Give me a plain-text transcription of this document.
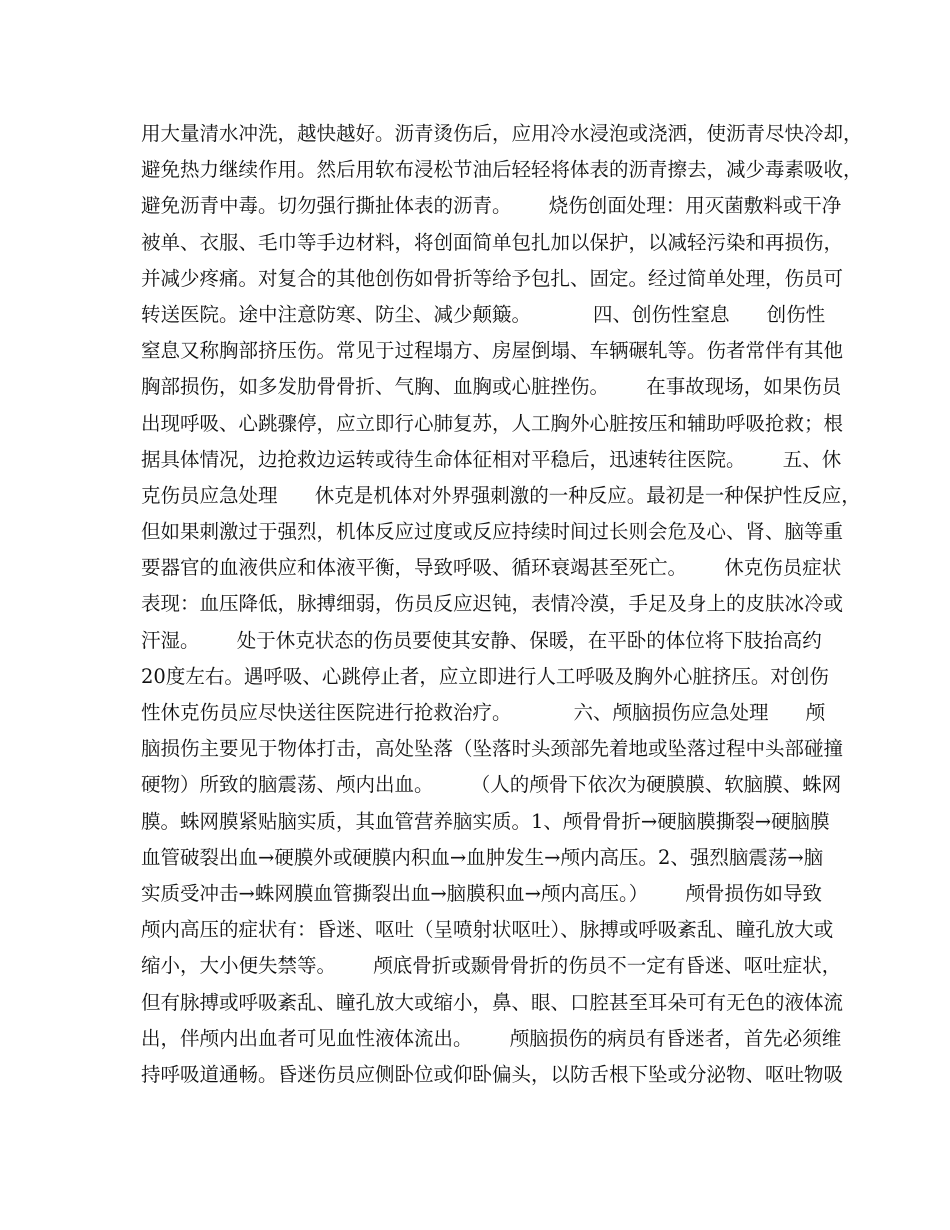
用大量清水冲洗，越快越好。沥青烫伤后，应用冷水浸泡或浇洒，使沥青尽快冷却，
避免热力继续作用。然后用软布浸松节油后轻轻将体表的沥青擦去，减少毒素吸收，
避免沥青中毒。切勿强行撕扯体表的沥青。      烧伤创面处理：用灭菌敷料或干净
被单、衣服、毛巾等手边材料，将创面简单包扎加以保护，以减轻污染和再损伤，
并减少疼痛。对复合的其他创伤如骨折等给予包扎、固定。经过简单处理，伤员可
转送医院。途中注意防寒、防尘、减少颠簸。          四、创伤性窒息      创伤性
窒息又称胸部挤压伤。常见于过程塌方、房屋倒塌、车辆碾轧等。伤者常伴有其他
胸部损伤，如多发肋骨骨折、气胸、血胸或心脏挫伤。      在事故现场，如果伤员
出现呼吸、心跳骤停，应立即行心肺复苏，人工胸外心脏按压和辅助呼吸抢救；根
据具体情况，边抢救边运转或待生命体征相对平稳后，迅速转往医院。      五、休
克伤员应急处理      休克是机体对外界强刺激的一种反应。最初是一种保护性反应，
但如果刺激过于强烈，机体反应过度或反应持续时间过长则会危及心、肾、脑等重
要器官的血液供应和体液平衡，导致呼吸、循环衰竭甚至死亡。      休克伤员症状
表现：血压降低，脉搏细弱，伤员反应迟钝，表情冷漠，手足及身上的皮肤冰冷或
汗湿。      处于休克状态的伤员要使其安静、保暖，在平卧的体位将下肢抬高约
20度左右。遇呼吸、心跳停止者，应立即进行人工呼吸及胸外心脏挤压。对创伤
性休克伤员应尽快送往医院进行抢救治疗。          六、颅脑损伤应急处理      颅
脑损伤主要见于物体打击，高处坠落（坠落时头颈部先着地或坠落过程中头部碰撞
硬物）所致的脑震荡、颅内出血。      （人的颅骨下依次为硬膜膜、软脑膜、蛛网
膜。蛛网膜紧贴脑实质，其血管营养脑实质。1、颅骨骨折→硬脑膜撕裂→硬脑膜
血管破裂出血→硬膜外或硬膜内积血→血肿发生→颅内高压。2、强烈脑震荡→脑
实质受冲击→蛛网膜血管撕裂出血→脑膜积血→颅内高压。）      颅骨损伤如导致
颅内高压的症状有：昏迷、呕吐（呈喷射状呕吐）、脉搏或呼吸紊乱、瞳孔放大或
缩小，大小便失禁等。      颅底骨折或颞骨骨折的伤员不一定有昏迷、呕吐症状，
但有脉搏或呼吸紊乱、瞳孔放大或缩小，鼻、眼、口腔甚至耳朵可有无色的液体流
出，伴颅内出血者可见血性液体流出。      颅脑损伤的病员有昏迷者，首先必须维
持呼吸道通畅。昏迷伤员应侧卧位或仰卧偏头，以防舌根下坠或分泌物、呕吐物吸
